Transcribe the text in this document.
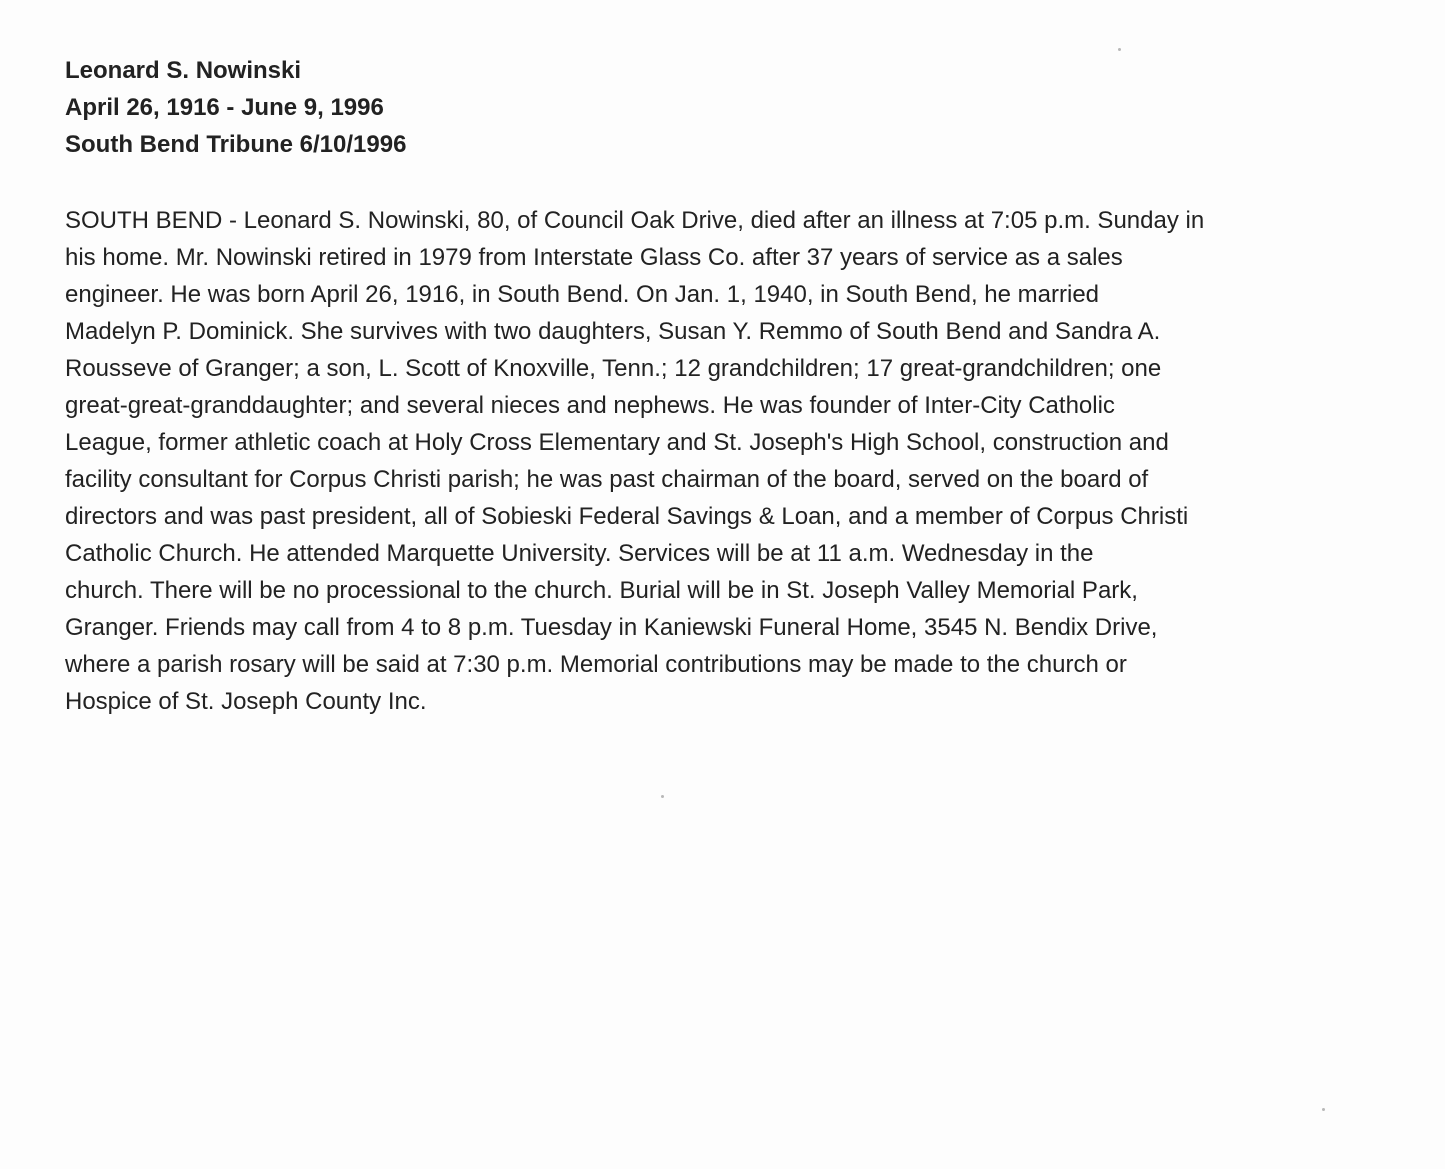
Leonard S. Nowinski
April 26, 1916 - June 9, 1996
South Bend Tribune 6/10/1996
SOUTH BEND - Leonard S. Nowinski, 80, of Council Oak Drive, died after an illness at 7:05 p.m. Sunday in
his home. Mr. Nowinski retired in 1979 from Interstate Glass Co. after 37 years of service as a sales
engineer. He was born April 26, 1916, in South Bend. On Jan. 1, 1940, in South Bend, he married
Madelyn P. Dominick. She survives with two daughters, Susan Y. Remmo of South Bend and Sandra A.
Rousseve of Granger; a son, L. Scott of Knoxville, Tenn.; 12 grandchildren; 17 great-grandchildren; one
great-great-granddaughter; and several nieces and nephews. He was founder of Inter-City Catholic
League, former athletic coach at Holy Cross Elementary and St. Joseph's High School, construction and
facility consultant for Corpus Christi parish; he was past chairman of the board, served on the board of
directors and was past president, all of Sobieski Federal Savings & Loan, and a member of Corpus Christi
Catholic Church. He attended Marquette University. Services will be at 11 a.m. Wednesday in the
church. There will be no processional to the church. Burial will be in St. Joseph Valley Memorial Park,
Granger. Friends may call from 4 to 8 p.m. Tuesday in Kaniewski Funeral Home, 3545 N. Bendix Drive,
where a parish rosary will be said at 7:30 p.m. Memorial contributions may be made to the church or
Hospice of St. Joseph County Inc.
